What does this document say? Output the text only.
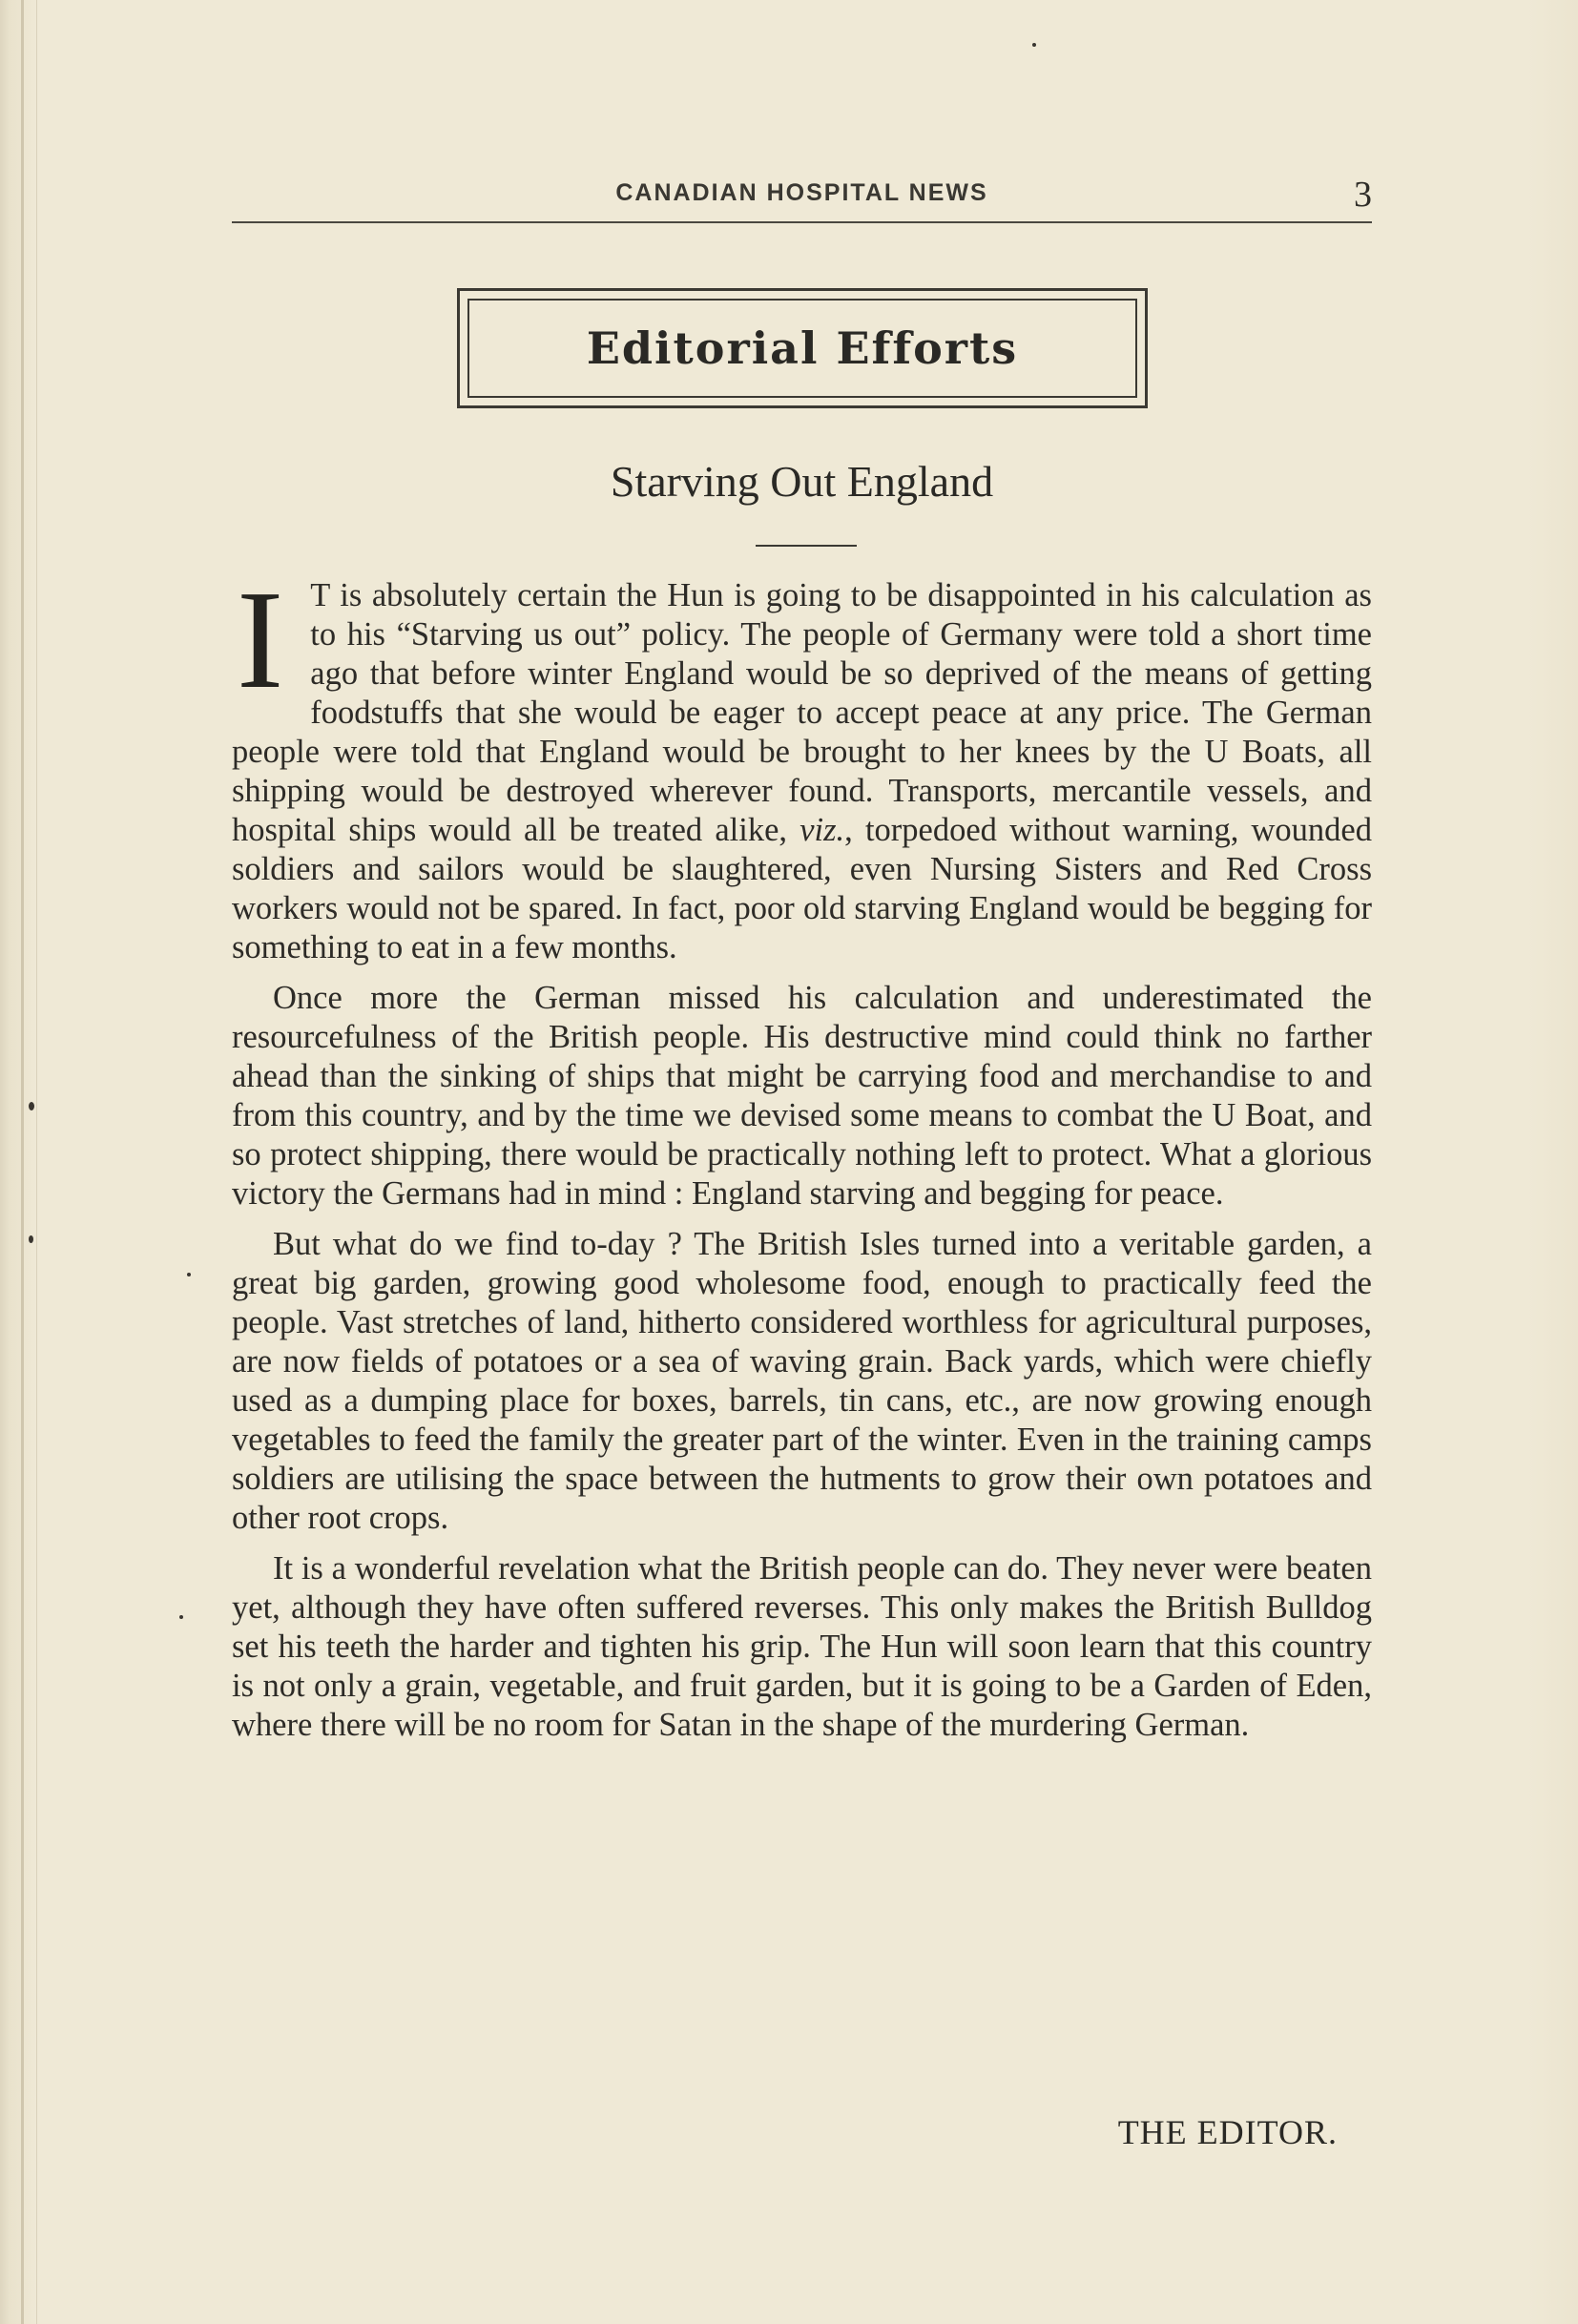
CANADIAN HOSPITAL NEWS	3
Editorial Efforts
Starving Out England

I T is absolutely certain the Hun is going to be disappointed in his calculation as to his “Starving us out” policy. The people of Germany were told a short time ago that before winter England would be so deprived of the means of getting foodstuffs that she would be eager to accept peace at any price. The German people were told that England would be brought to her knees by the U Boats, all shipping would be destroyed wherever found. Transports, mercantile vessels, and hospital ships would all be treated alike, viz., torpedoed without warning, wounded soldiers and sailors would be slaughtered, even Nursing Sisters and Red Cross workers would not be spared. In fact, poor old starving England would be begging for something to eat in a few months.

Once more the German missed his calculation and underestimated the resourcefulness of the British people. His destructive mind could think no farther ahead than the sinking of ships that might be carrying food and merchandise to and from this country, and by the time we devised some means to combat the U Boat, and so protect shipping, there would be practically nothing left to protect. What a glorious victory the Germans had in mind : England starving and begging for peace.

But what do we find to-day ? The British Isles turned into a veritable garden, a great big garden, growing good wholesome food, enough to practically feed the people. Vast stretches of land, hitherto considered worthless for agricultural purposes, are now fields of potatoes or a sea of waving grain. Back yards, which were chiefly used as a dumping place for boxes, barrels, tin cans, etc., are now growing enough vegetables to feed the family the greater part of the winter. Even in the training camps soldiers are utilising the space between the hutments to grow their own potatoes and other root crops.

It is a wonderful revelation what the British people can do. They never were beaten yet, although they have often suffered reverses. This only makes the British Bulldog set his teeth the harder and tighten his grip. The Hun will soon learn that this country is not only a grain, vegetable, and fruit garden, but it is going to be a Garden of Eden, where there will be no room for Satan in the shape of the murdering German.

THE EDITOR.
